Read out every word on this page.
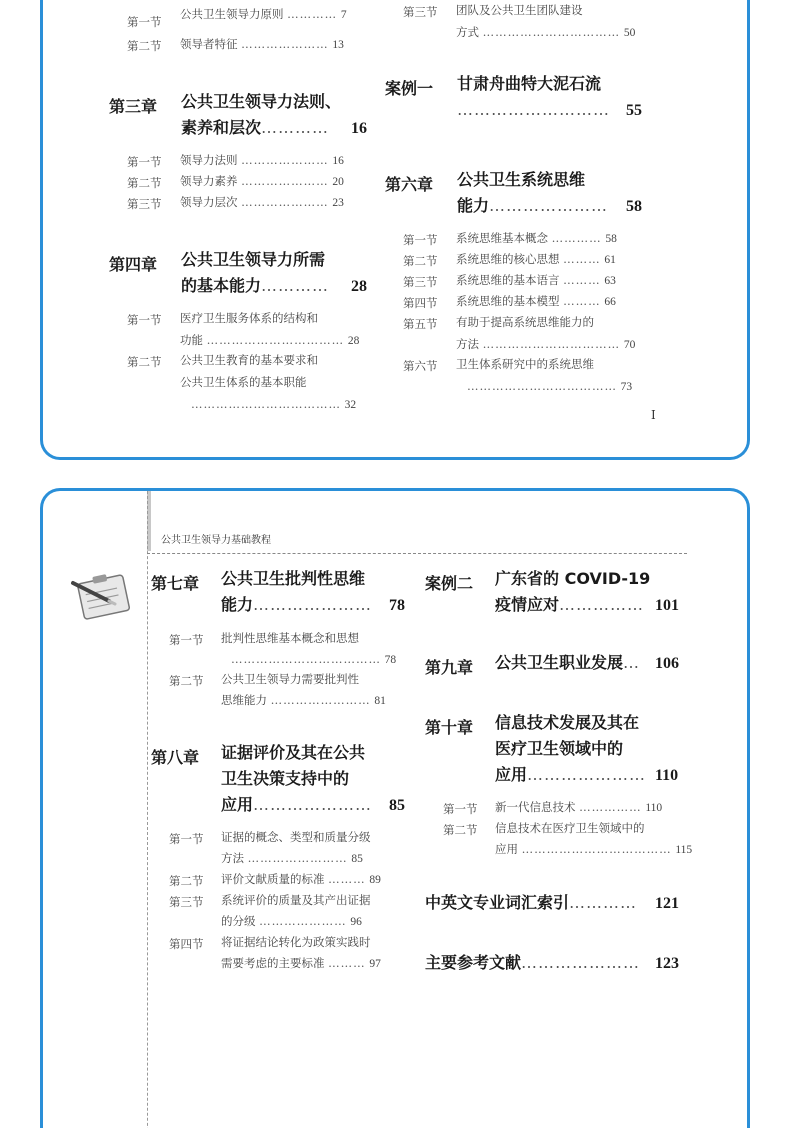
第一节
公共卫生领导力原则 ………… 7
第二节 领导者特征 ………………… 13
第三章 公共卫生领导力法则、
素养和层次………… 16
第一节 领导力法则 ………………… 16
第二节 领导力素养 ………………… 20
第三节 领导力层次 ………………… 23
第四章 公共卫生领导力所需
的基本能力………… 28
第一节 医疗卫生服务体系的结构和
功能 …………………………… 28
第二节 公共卫生教育的基本要求和
公共卫生体系的基本职能
……………………………… 32
第三节 团队及公共卫生团队建设
方式 …………………………… 50
案例一 甘肃舟曲特大泥石流
……………………… 55
第六章 公共卫生系统思维
能力………………… 58
第一节 系统思维基本概念 ………… 58
第二节 系统思维的核心思想 ……… 61
第三节 系统思维的基本语言 ……… 63
第四节 系统思维的基本模型 ……… 66
第五节 有助于提高系统思维能力的
方法 …………………………… 70
第六节 卫生体系研究中的系统思维
……………………………… 73
I
公共卫生领导力基础教程
第七章 公共卫生批判性思维
能力………………… 78
第一节 批判性思维基本概念和思想
……………………………… 78
第二节 公共卫生领导力需要批判性
思维能力 …………………… 81
第八章 证据评价及其在公共
卫生决策支持中的
应用………………… 85
第一节 证据的概念、类型和质量分级
方法 …………………… 85
第二节 评价文献质量的标准 ……… 89
第三节 系统评价的质量及其产出证据
的分级 ………………… 96
第四节 将证据结论转化为政策实践时
需要考虑的主要标准 ……… 97
案例二 广东省的 COVID-19
疫情应对…………… 101
第九章 公共卫生职业发展… 106
第十章 信息技术发展及其在
医疗卫生领域中的
应用………………… 110
第一节 新一代信息技术 …………… 110
第二节 信息技术在医疗卫生领域中的
应用 ……………………………… 115
中英文专业词汇索引………… 121
主要参考文献………………… 123
